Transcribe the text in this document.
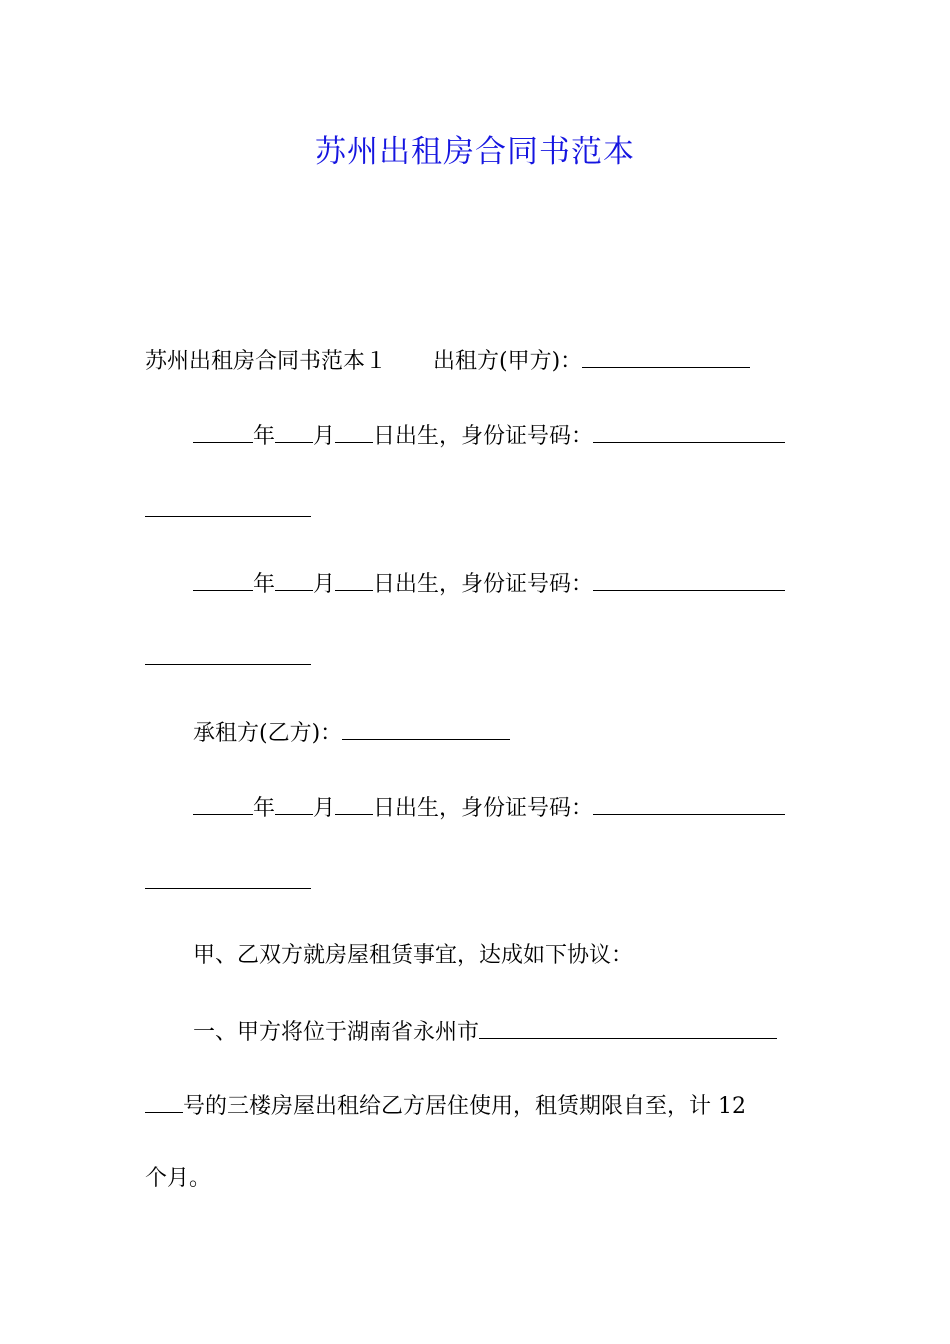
苏州出租房合同书范本
苏州出租房合同书范本１ 出租方(甲方)：
年 月 日出生，身份证号码：
年 月 日出生，身份证号码：
承租方(乙方)：
年 月 日出生，身份证号码：
甲、乙双方就房屋租赁事宜，达成如下协议：
一、甲方将位于湖南省永州市
号的三楼房屋出租给乙方居住使用，租赁期限自至，计 12
个月。
